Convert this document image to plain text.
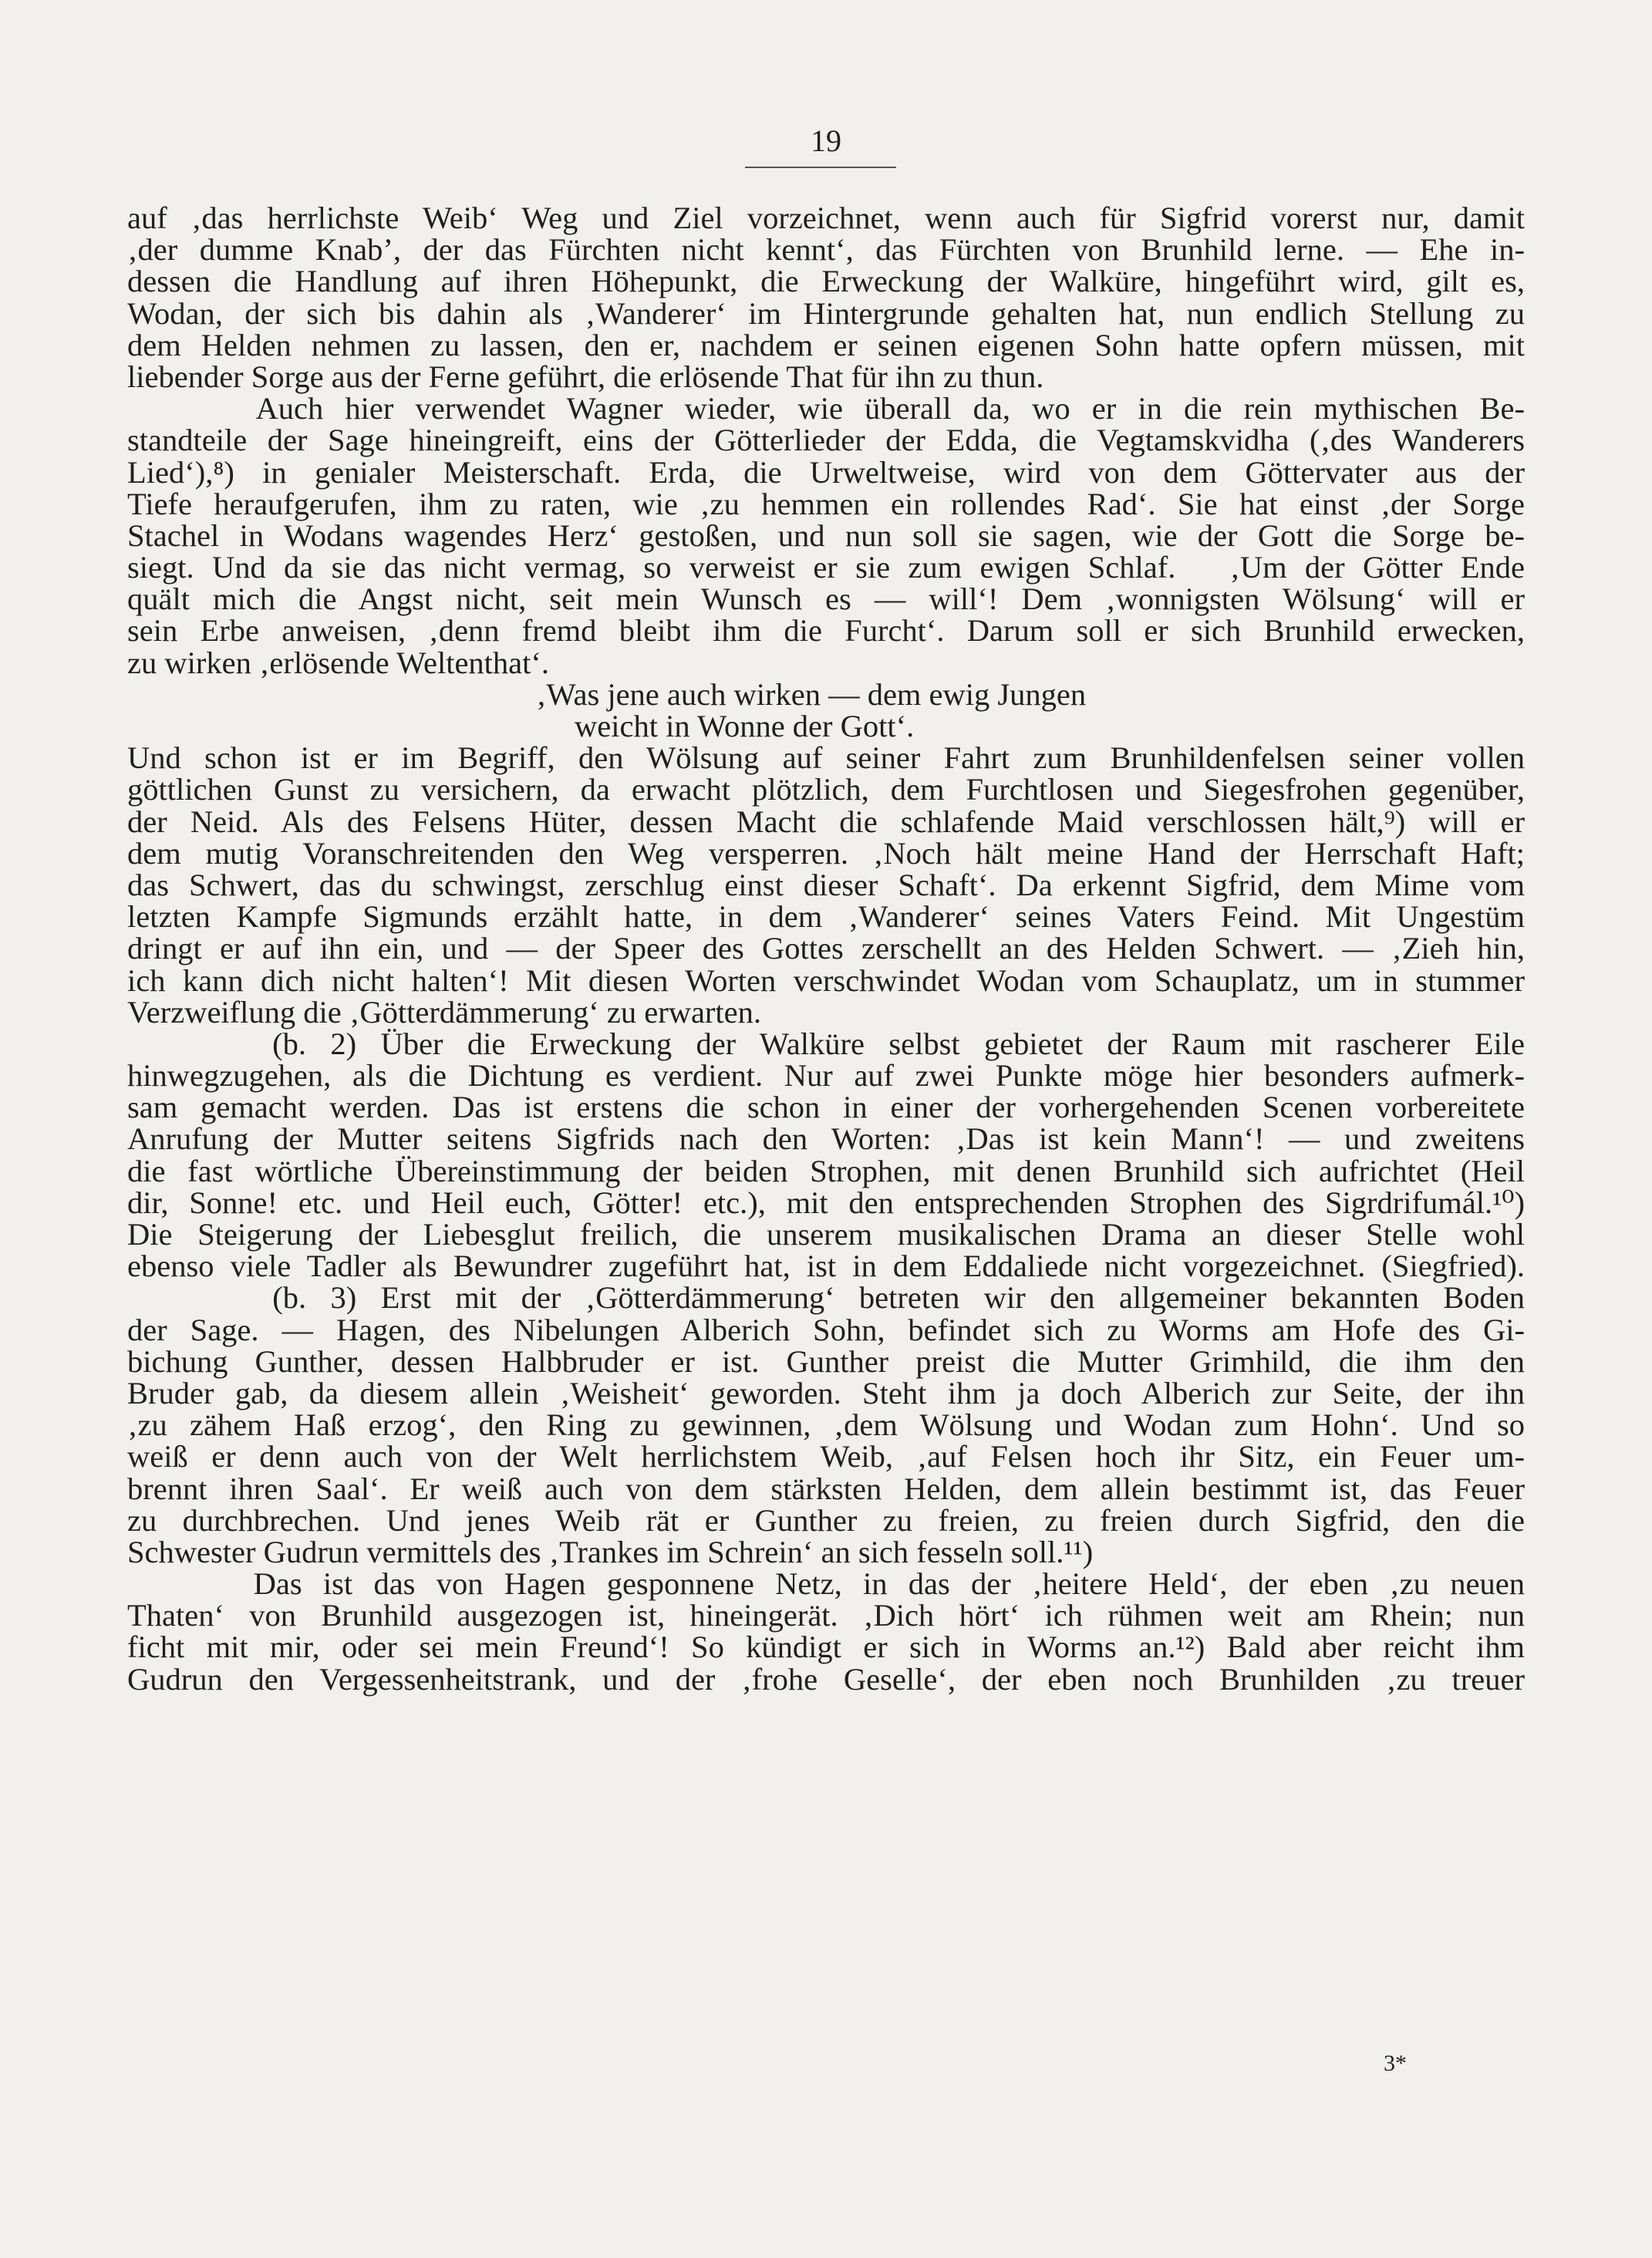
19
auf ‚das herrlichste Weib‘ Weg und Ziel vorzeichnet, wenn auch für Sigfrid vorerst nur, damit
‚der dumme Knab’, der das Fürchten nicht kennt‘, das Fürchten von Brunhild lerne. — Ehe in-
dessen die Handlung auf ihren Höhepunkt, die Erweckung der Walküre, hingeführt wird, gilt es,
Wodan, der sich bis dahin als ‚Wanderer‘ im Hintergrunde gehalten hat, nun endlich Stellung zu
dem Helden nehmen zu lassen, den er, nachdem er seinen eigenen Sohn hatte opfern müssen, mit
liebender Sorge aus der Ferne geführt, die erlösende That für ihn zu thun.
Auch hier verwendet Wagner wieder, wie überall da, wo er in die rein mythischen Be-
standteile der Sage hineingreift, eins der Götterlieder der Edda, die Vegtamskvidha (‚des Wanderers
Lied‘),⁸) in genialer Meisterschaft. Erda, die Urweltweise, wird von dem Göttervater aus der
Tiefe heraufgerufen, ihm zu raten, wie ‚zu hemmen ein rollendes Rad‘. Sie hat einst ‚der Sorge
Stachel in Wodans wagendes Herz‘ gestoßen, und nun soll sie sagen, wie der Gott die Sorge be-
siegt. Und da sie das nicht vermag, so verweist er sie zum ewigen Schlaf.   ‚Um der Götter Ende
quält mich die Angst nicht, seit mein Wunsch es — will‘! Dem ‚wonnigsten Wölsung‘ will er
sein Erbe anweisen, ‚denn fremd bleibt ihm die Furcht‘. Darum soll er sich Brunhild erwecken,
zu wirken ‚erlösende Weltenthat‘.
‚Was jene auch wirken — dem ewig Jungen
weicht in Wonne der Gott‘.
Und schon ist er im Begriff, den Wölsung auf seiner Fahrt zum Brunhildenfelsen seiner vollen
göttlichen Gunst zu versichern, da erwacht plötzlich, dem Furchtlosen und Siegesfrohen gegenüber,
der Neid. Als des Felsens Hüter, dessen Macht die schlafende Maid verschlossen hält,⁹) will er
dem mutig Voranschreitenden den Weg versperren. ‚Noch hält meine Hand der Herrschaft Haft;
das Schwert, das du schwingst, zerschlug einst dieser Schaft‘. Da erkennt Sigfrid, dem Mime vom
letzten Kampfe Sigmunds erzählt hatte, in dem ‚Wanderer‘ seines Vaters Feind. Mit Ungestüm
dringt er auf ihn ein, und — der Speer des Gottes zerschellt an des Helden Schwert. — ‚Zieh hin,
ich kann dich nicht halten‘! Mit diesen Worten verschwindet Wodan vom Schauplatz, um in stummer
Verzweiflung die ‚Götterdämmerung‘ zu erwarten.
(b. 2) Über die Erweckung der Walküre selbst gebietet der Raum mit rascherer Eile
hinwegzugehen, als die Dichtung es verdient. Nur auf zwei Punkte möge hier besonders aufmerk-
sam gemacht werden. Das ist erstens die schon in einer der vorhergehenden Scenen vorbereitete
Anrufung der Mutter seitens Sigfrids nach den Worten: ‚Das ist kein Mann‘! — und zweitens
die fast wörtliche Übereinstimmung der beiden Strophen, mit denen Brunhild sich aufrichtet (Heil
dir, Sonne! etc. und Heil euch, Götter! etc.), mit den entsprechenden Strophen des Sigrdrifumál.¹⁰)
Die Steigerung der Liebesglut freilich, die unserem musikalischen Drama an dieser Stelle wohl
ebenso viele Tadler als Bewundrer zugeführt hat, ist in dem Eddaliede nicht vorgezeichnet. (Siegfried).
(b. 3) Erst mit der ‚Götterdämmerung‘ betreten wir den allgemeiner bekannten Boden
der Sage. — Hagen, des Nibelungen Alberich Sohn, befindet sich zu Worms am Hofe des Gi-
bichung Gunther, dessen Halbbruder er ist. Gunther preist die Mutter Grimhild, die ihm den
Bruder gab, da diesem allein ‚Weisheit‘ geworden. Steht ihm ja doch Alberich zur Seite, der ihn
‚zu zähem Haß erzog‘, den Ring zu gewinnen, ‚dem Wölsung und Wodan zum Hohn‘. Und so
weiß er denn auch von der Welt herrlichstem Weib, ‚auf Felsen hoch ihr Sitz, ein Feuer um-
brennt ihren Saal‘. Er weiß auch von dem stärksten Helden, dem allein bestimmt ist, das Feuer
zu durchbrechen. Und jenes Weib rät er Gunther zu freien, zu freien durch Sigfrid, den die
Schwester Gudrun vermittels des ‚Trankes im Schrein‘ an sich fesseln soll.¹¹)
Das ist das von Hagen gesponnene Netz, in das der ‚heitere Held‘, der eben ‚zu neuen
Thaten‘ von Brunhild ausgezogen ist, hineingerät. ‚Dich hört‘ ich rühmen weit am Rhein; nun
ficht mit mir, oder sei mein Freund‘! So kündigt er sich in Worms an.¹²) Bald aber reicht ihm
Gudrun den Vergessenheitstrank, und der ‚frohe Geselle‘, der eben noch Brunhilden ‚zu treuer
3*
